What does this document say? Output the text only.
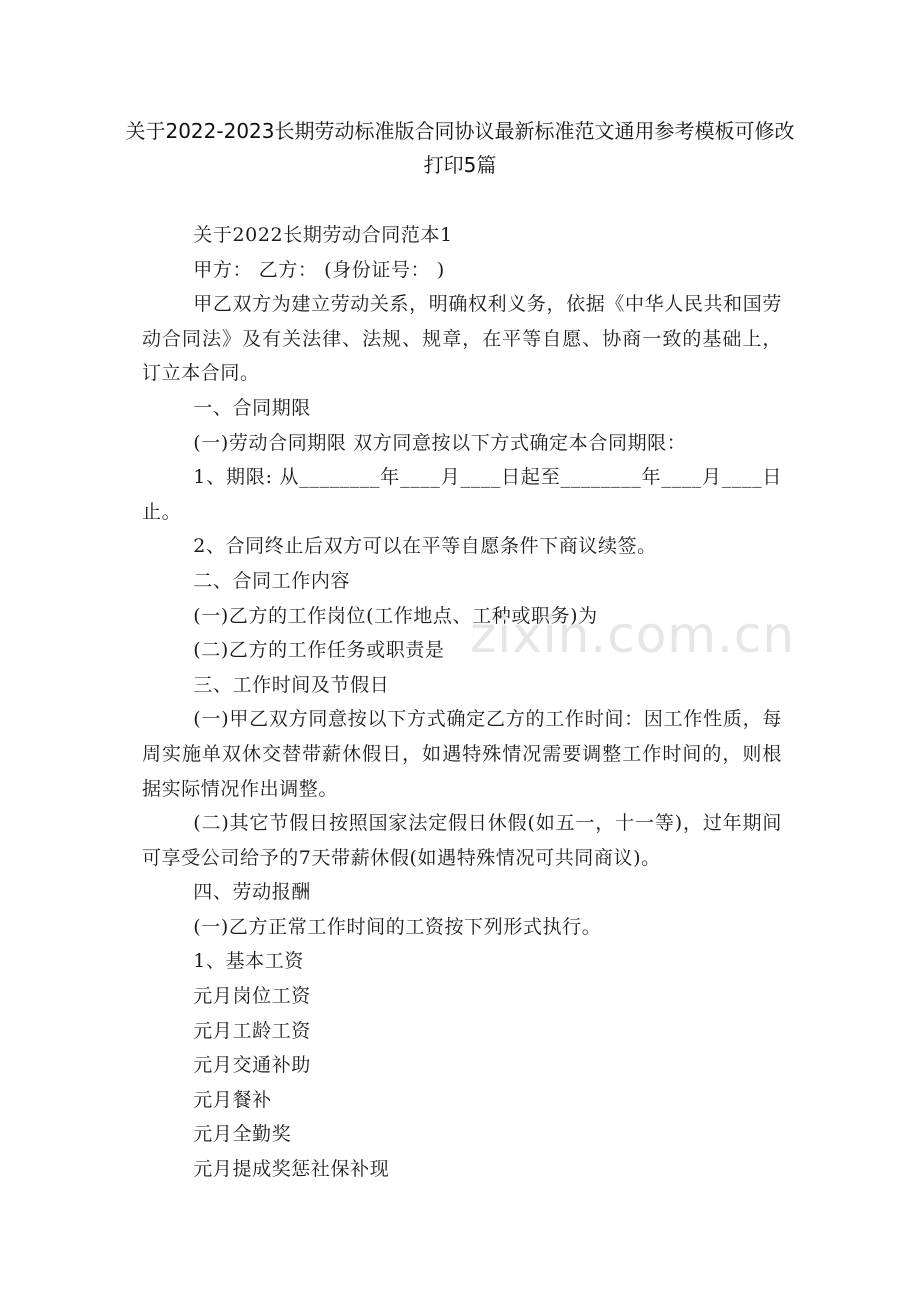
关于2022-2023长期劳动标准版合同协议最新标准范文通用参考模板可修改打印5篇

关于2022长期劳动合同范本1

甲方： 乙方： (身份证号： )

甲乙双方为建立劳动关系，明确权利义务，依据《中华人民共和国劳动合同法》及有关法律、法规、规章，在平等自愿、协商一致的基础上，订立本合同。

一、合同期限

(一)劳动合同期限 双方同意按以下方式确定本合同期限：

1、期限: 从________年____月____日起至________年____月____日止。

2、合同终止后双方可以在平等自愿条件下商议续签。

二、合同工作内容

(一)乙方的工作岗位(工作地点、工种或职务)为

(二)乙方的工作任务或职责是

三、工作时间及节假日

(一)甲乙双方同意按以下方式确定乙方的工作时间：因工作性质，每周实施单双休交替带薪休假日，如遇特殊情况需要调整工作时间的，则根据实际情况作出调整。

(二)其它节假日按照国家法定假日休假(如五一，十一等)，过年期间可享受公司给予的7天带薪休假(如遇特殊情况可共同商议)。

四、劳动报酬

(一)乙方正常工作时间的工资按下列形式执行。

1、基本工资

元月岗位工资

元月工龄工资

元月交通补助

元月餐补

元月全勤奖

元月提成奖惩社保补现

zixin.com.cn
